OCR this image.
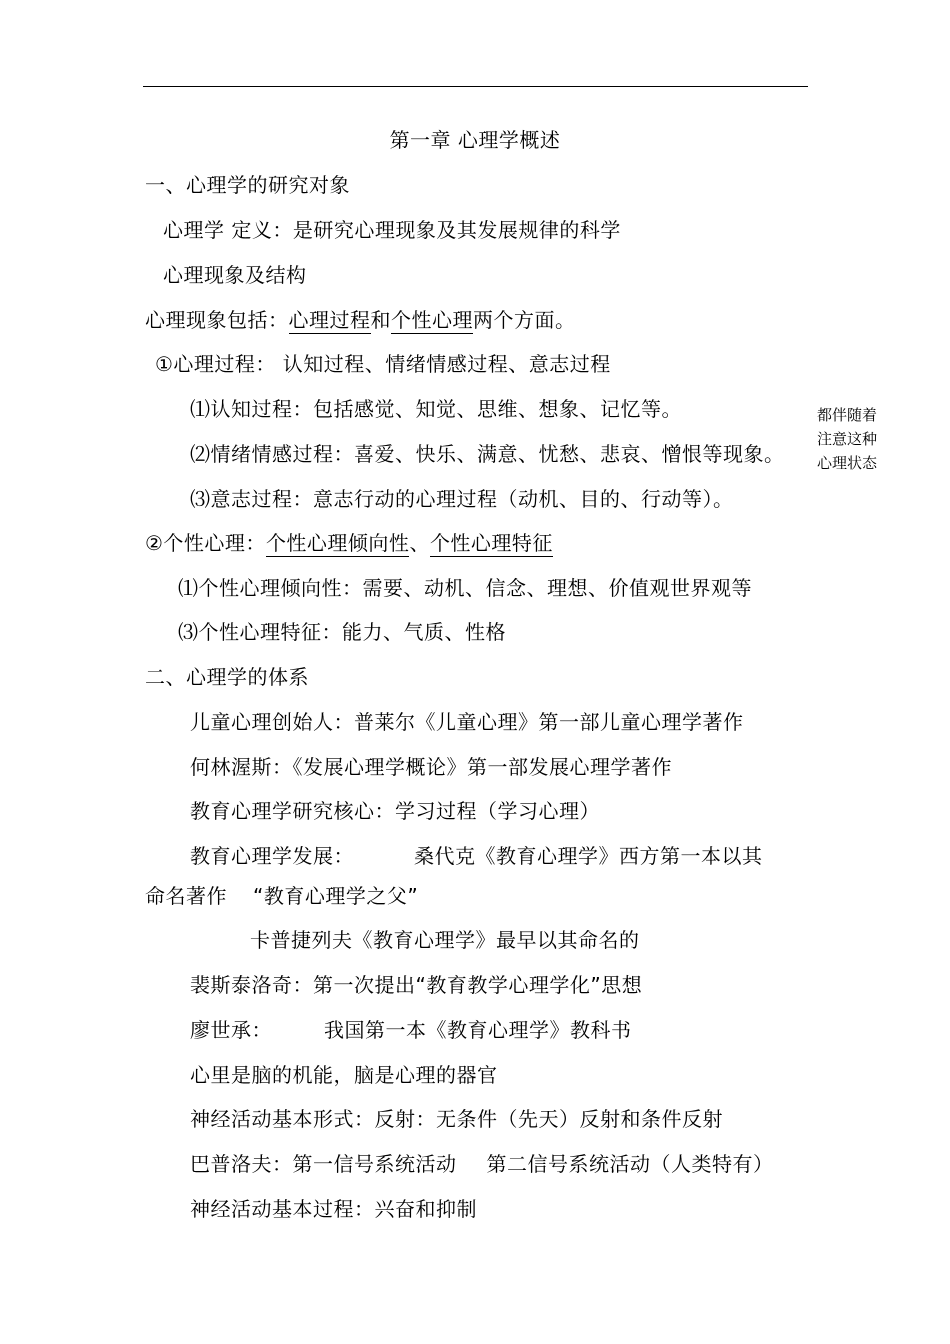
第一章 心理学概述
一、心理学的研究对象
心理学 定义：是研究心理现象及其发展规律的科学
心理现象及结构
心理现象包括：心理过程和个性心理两个方面。
①心理过程： 认知过程、情绪情感过程、意志过程
⑴认知过程：包括感觉、知觉、思维、想象、记忆等。
⑵情绪情感过程：喜爱、快乐、满意、忧愁、悲哀、憎恨等现象。
⑶意志过程：意志行动的心理过程（动机、目的、行动等）。
都伴随着
注意这种
心理状态
②个性心理：个性心理倾向性、个性心理特征
⑴个性心理倾向性：需要、动机、信念、理想、价值观世界观等
⑶个性心理特征：能力、气质、性格
二、心理学的体系
儿童心理创始人：普莱尔《儿童心理》第一部儿童心理学著作
何林渥斯：《发展心理学概论》第一部发展心理学著作
教育心理学研究核心：学习过程（学习心理）
教育心理学发展：	桑代克《教育心理学》西方第一本以其
命名著作 “教育心理学之父”
卡普捷列夫《教育心理学》最早以其命名的
裴斯泰洛奇：第一次提出“教育教学心理学化”思想
廖世承：	我国第一本《教育心理学》教科书
心里是脑的机能，脑是心理的器官
神经活动基本形式：反射：无条件（先天）反射和条件反射
巴普洛夫：第一信号系统活动 第二信号系统活动（人类特有）
神经活动基本过程：兴奋和抑制
